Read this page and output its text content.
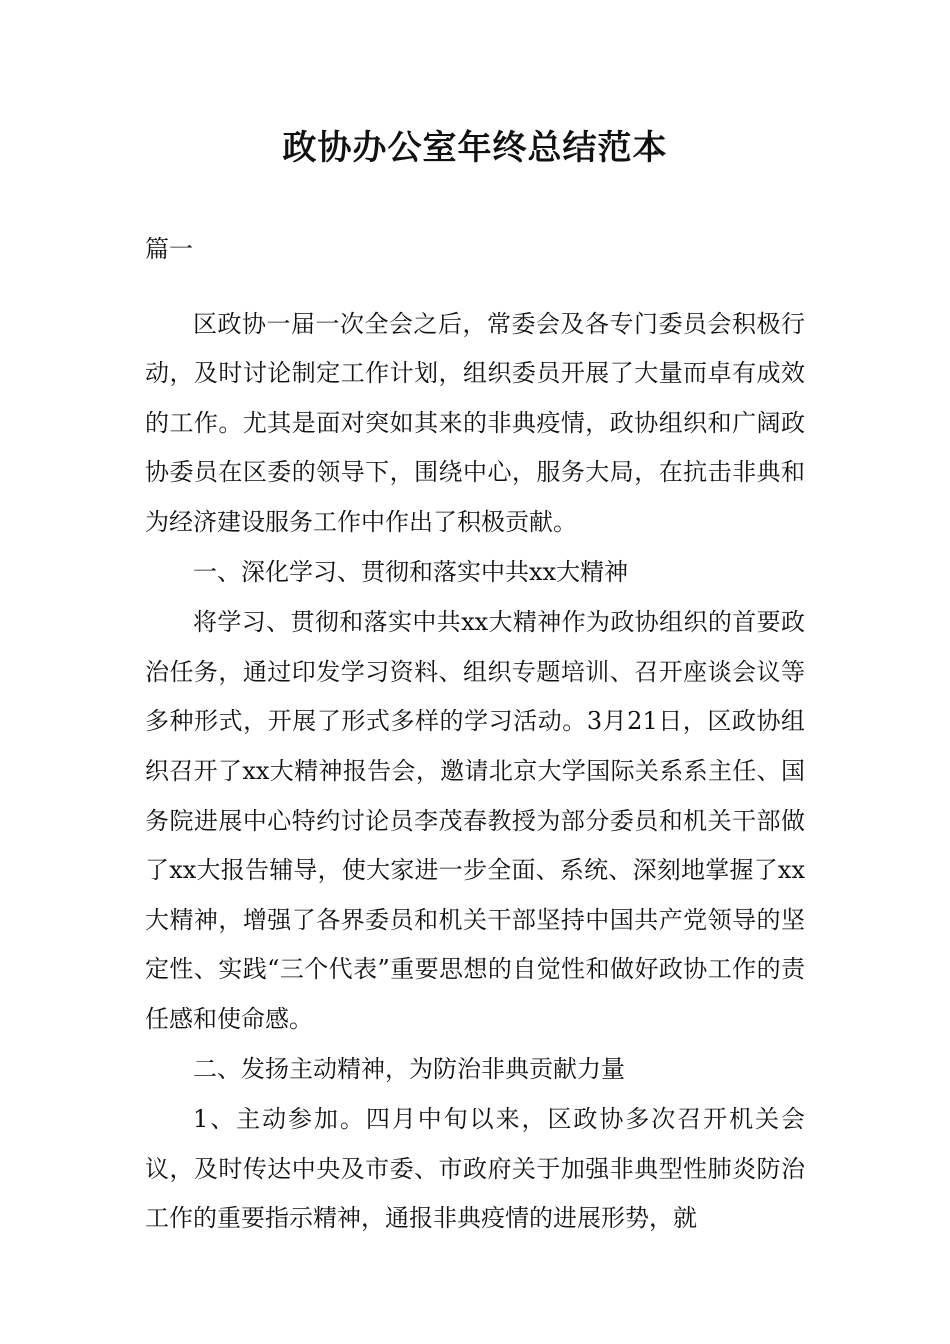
政协办公室年终总结范本

篇一

区政协一届一次全会之后，常委会及各专门委员会积极行动，及时讨论制定工作计划，组织委员开展了大量而卓有成效的工作。尤其是面对突如其来的非典疫情，政协组织和广阔政协委员在区委的领导下，围绕中心，服务大局，在抗击非典和为经济建设服务工作中作出了积极贡献。

一、深化学习、贯彻和落实中共xx大精神

将学习、贯彻和落实中共xx大精神作为政协组织的首要政治任务，通过印发学习资料、组织专题培训、召开座谈会议等多种形式，开展了形式多样的学习活动。3月21日，区政协组织召开了xx大精神报告会，邀请北京大学国际关系系主任、国务院进展中心特约讨论员李茂春教授为部分委员和机关干部做了xx大报告辅导，使大家进一步全面、系统、深刻地掌握了xx大精神，增强了各界委员和机关干部坚持中国共产党领导的坚定性、实践“三个代表”重要思想的自觉性和做好政协工作的责任感和使命感。

二、发扬主动精神，为防治非典贡献力量

1、主动参加。四月中旬以来，区政协多次召开机关会议，及时传达中央及市委、市政府关于加强非典型性肺炎防治工作的重要指示精神，通报非典疫情的进展形势，就
